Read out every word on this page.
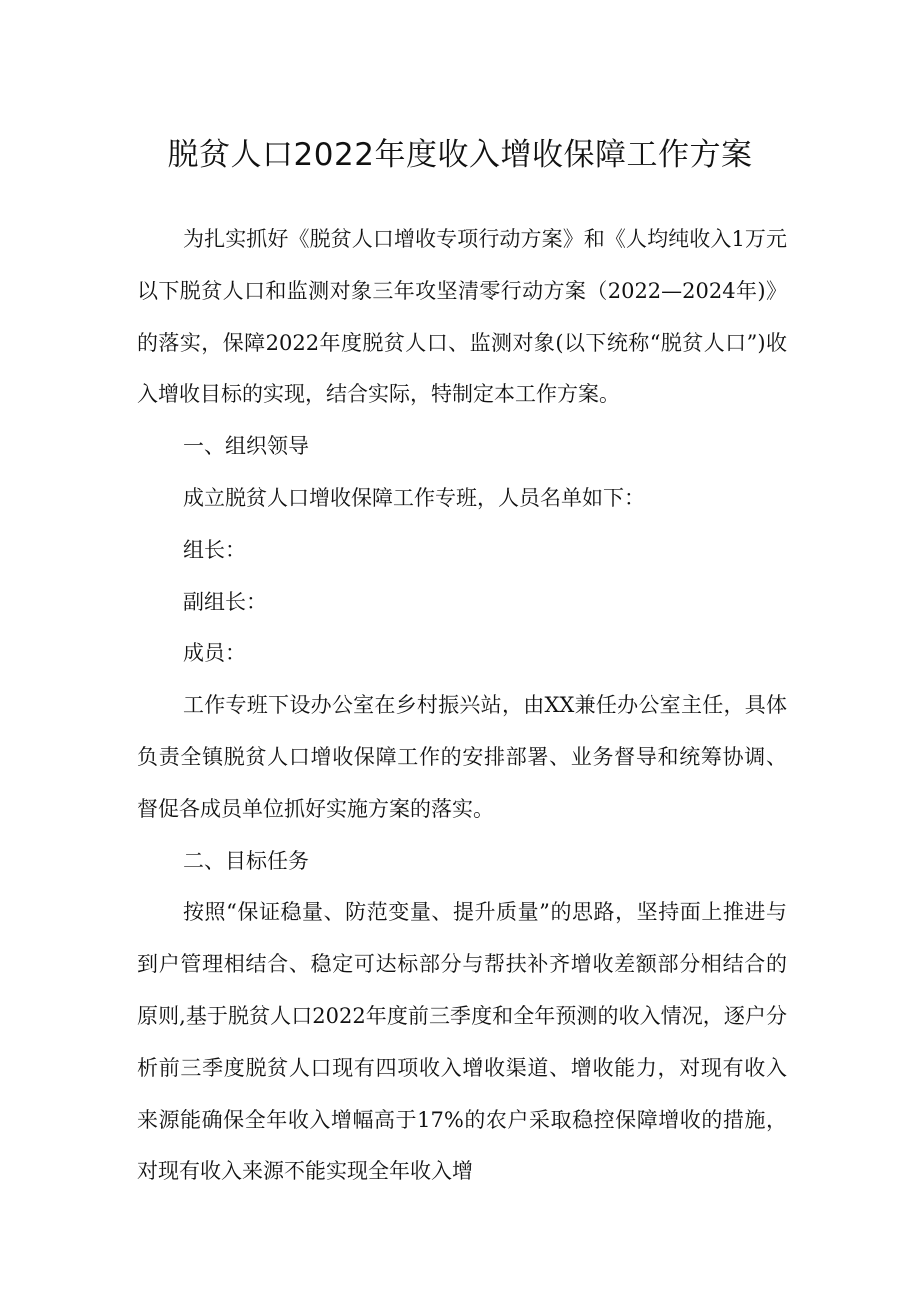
脱贫人口2022年度收入增收保障工作方案

为扎实抓好《脱贫人口增收专项行动方案》和《人均纯收入1万元以下脱贫人口和监测对象三年攻坚清零行动方案（2022—2024年)》的落实，保障2022年度脱贫人口、监测对象(以下统称“脱贫人口”)收入增收目标的实现，结合实际，特制定本工作方案。

一、组织领导

成立脱贫人口增收保障工作专班，人员名单如下：

组长：

副组长：

成员：

工作专班下设办公室在乡村振兴站，由XX兼任办公室主任，具体负责全镇脱贫人口增收保障工作的安排部署、业务督导和统筹协调、督促各成员单位抓好实施方案的落实。

二、目标任务

按照“保证稳量、防范变量、提升质量”的思路，坚持面上推进与到户管理相结合、稳定可达标部分与帮扶补齐增收差额部分相结合的原则,基于脱贫人口2022年度前三季度和全年预测的收入情况，逐户分析前三季度脱贫人口现有四项收入增收渠道、增收能力，对现有收入来源能确保全年收入增幅高于17%的农户采取稳控保障增收的措施，对现有收入来源不能实现全年收入增
